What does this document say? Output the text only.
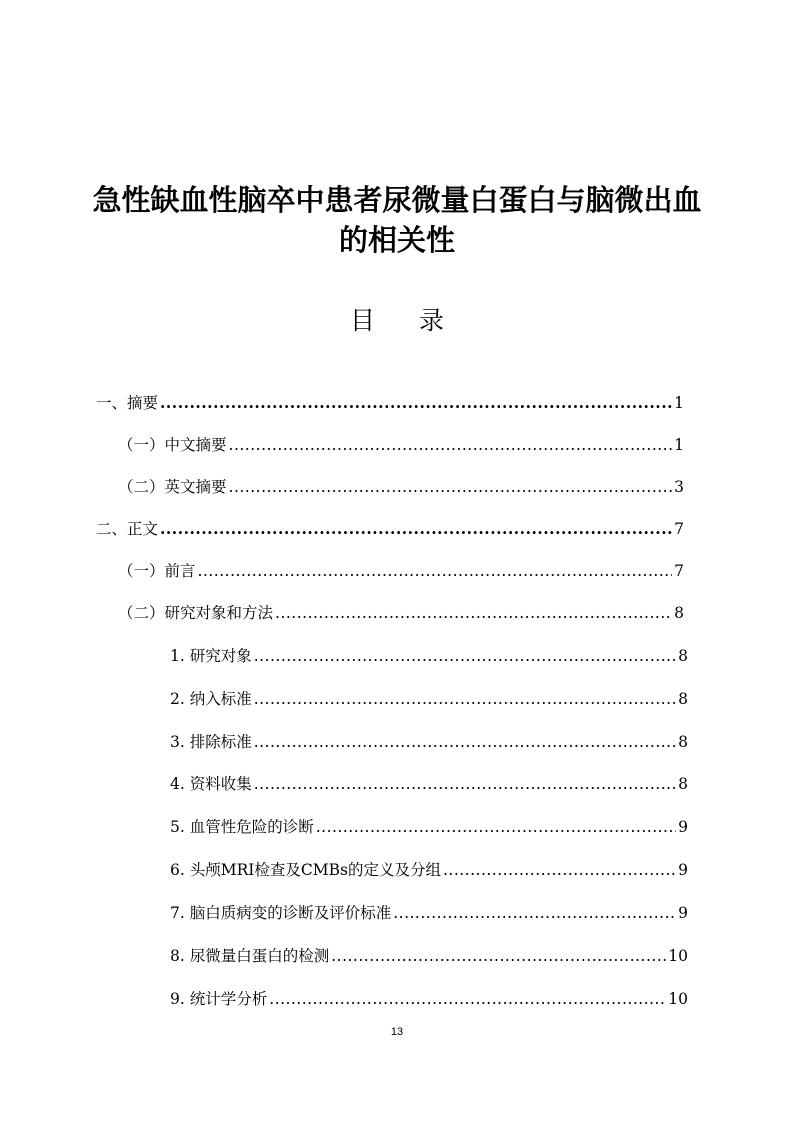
急性缺血性脑卒中患者尿微量白蛋白与脑微出血
的相关性
目录
一、摘要 .....	1
（一）中文摘要 .....	1
（二）英文摘要 .....	3
二、正文 .....	7
（一）前言 .....	7
（二）研究对象和方法 .....	8
1. 研究对象 .....	8
2. 纳入标准 .....	8
3. 排除标准 .....	8
4. 资料收集 .....	8
5. 血管性危险的诊断 .....	9
6. 头颅MRI检查及CMBs的定义及分组 .....	9
7. 脑白质病变的诊断及评价标准 .....	9
8. 尿微量白蛋白的检测 .....	10
9. 统计学分析 .....	10
13
